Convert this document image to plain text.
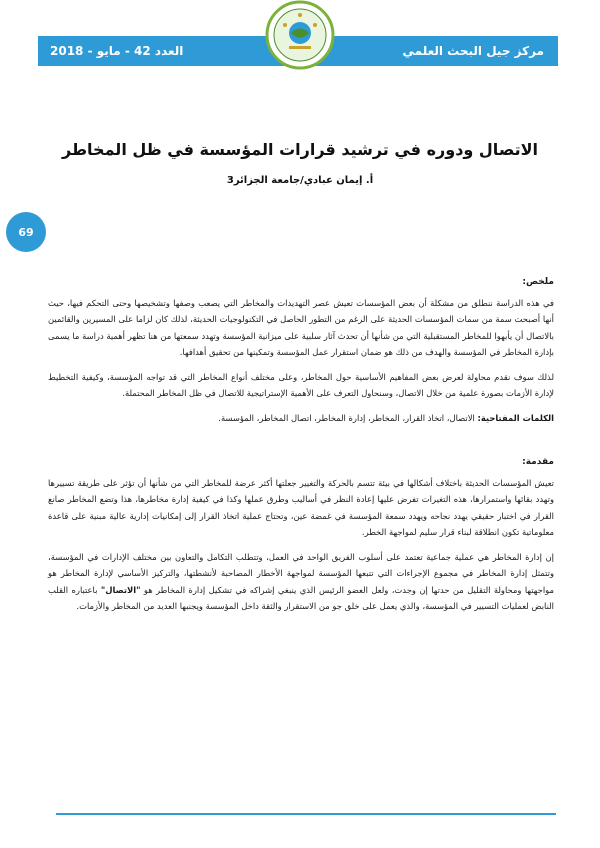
العدد 42 - مايو - 2018	مركز جيل البحث العلمي
69
الاتصال ودوره في ترشيد قرارات المؤسسة في ظل المخاطر
أ. إيمان عبادي/جامعة الجزائر3
ملخص:

في هذه الدراسة ننطلق من مشكلة أن بعض المؤسسات تعيش عصر التهديدات والمخاطر التي يصعب وصفها وتشخيصها وحتى التحكم فيها، حيث أنها أصبحت سمة من سمات المؤسسات الحديثة على الرغم من التطور الحاصل في التكنولوجيات الحديثة، لذلك كان لزاما على المسيرين والقائمين بالاتصال أن يأبهوا للمخاطر المستقبلية التي من شأنها أن تحدث آثار سلبية على ميزانية المؤسسة وتهدد سمعتها من هنا تظهر أهمية دراسة ما يسمى بإدارة المخاطر في المؤسسة والهدف من ذلك هو ضمان استقرار عمل المؤسسة وتمكينها من تحقيق أهدافها.

لذلك سوف نقدم محاولة لعرض بعض المفاهيم الأساسية حول المخاطر، وعلى مختلف أنواع المخاطر التي قد تواجه المؤسسة، وكيفية التخطيط لإدارة الأزمات بصورة علمية من خلال الاتصال، وسنحاول التعرف على الأهمية الإستراتيجية للاتصال في ظل المخاطر المحتملة.

الكلمات المفتاحية: الاتصال، اتخاذ القرار، المخاطر، إدارة المخاطر، اتصال المخاطر، المؤسسة.

مقدمة:

تعيش المؤسسات الحديثة باختلاف أشكالها في بيئة تتسم بالحركة والتغيير جعلتها أكثر عرضة للمخاطر التي من شأنها أن تؤثر على طريقة تسييرها وتهدد بقائها واستمرارها، هذه التغيرات تفرض عليها إعادة النظر في أساليب وطرق عملها وكذا في كيفية إدارة مخاطرها، هذا وتضع المخاطر صانع القرار في اختبار حقيقي يهدد نجاحه ويهدد سمعة المؤسسة في غمضة عين، وتحتاج عملية اتخاذ القرار إلى إمكانيات إدارية عالية مبنية على قاعدة معلوماتية تكون انطلاقة لبناء قرار سليم لمواجهة الخطر.

إن إدارة المخاطر هي عملية جماعية تعتمد على أسلوب الفريق الواحد في العمل، وتتطلب التكامل والتعاون بين مختلف الإدارات في المؤسسة، وتتمثل إدارة المخاطر في مجموع الإجراءات التي تتبعها المؤسسة لمواجهة الأخطار المصاحبة لأنشطتها، والتركيز الأساسي لإدارة المخاطر هو مواجهتها ومحاولة التقليل من حدتها إن وجدت، ولعل العضو الرئيس الذي ينبغي إشراكه في تشكيل إدارة المخاطر هو "الاتصال" باعتباره القلب النابض لعمليات التسيير في المؤسسة، والذي يعمل على خلق جو من الاستقرار والثقة داخل المؤسسة ويجنبها العديد من المخاطر والأزمات.
